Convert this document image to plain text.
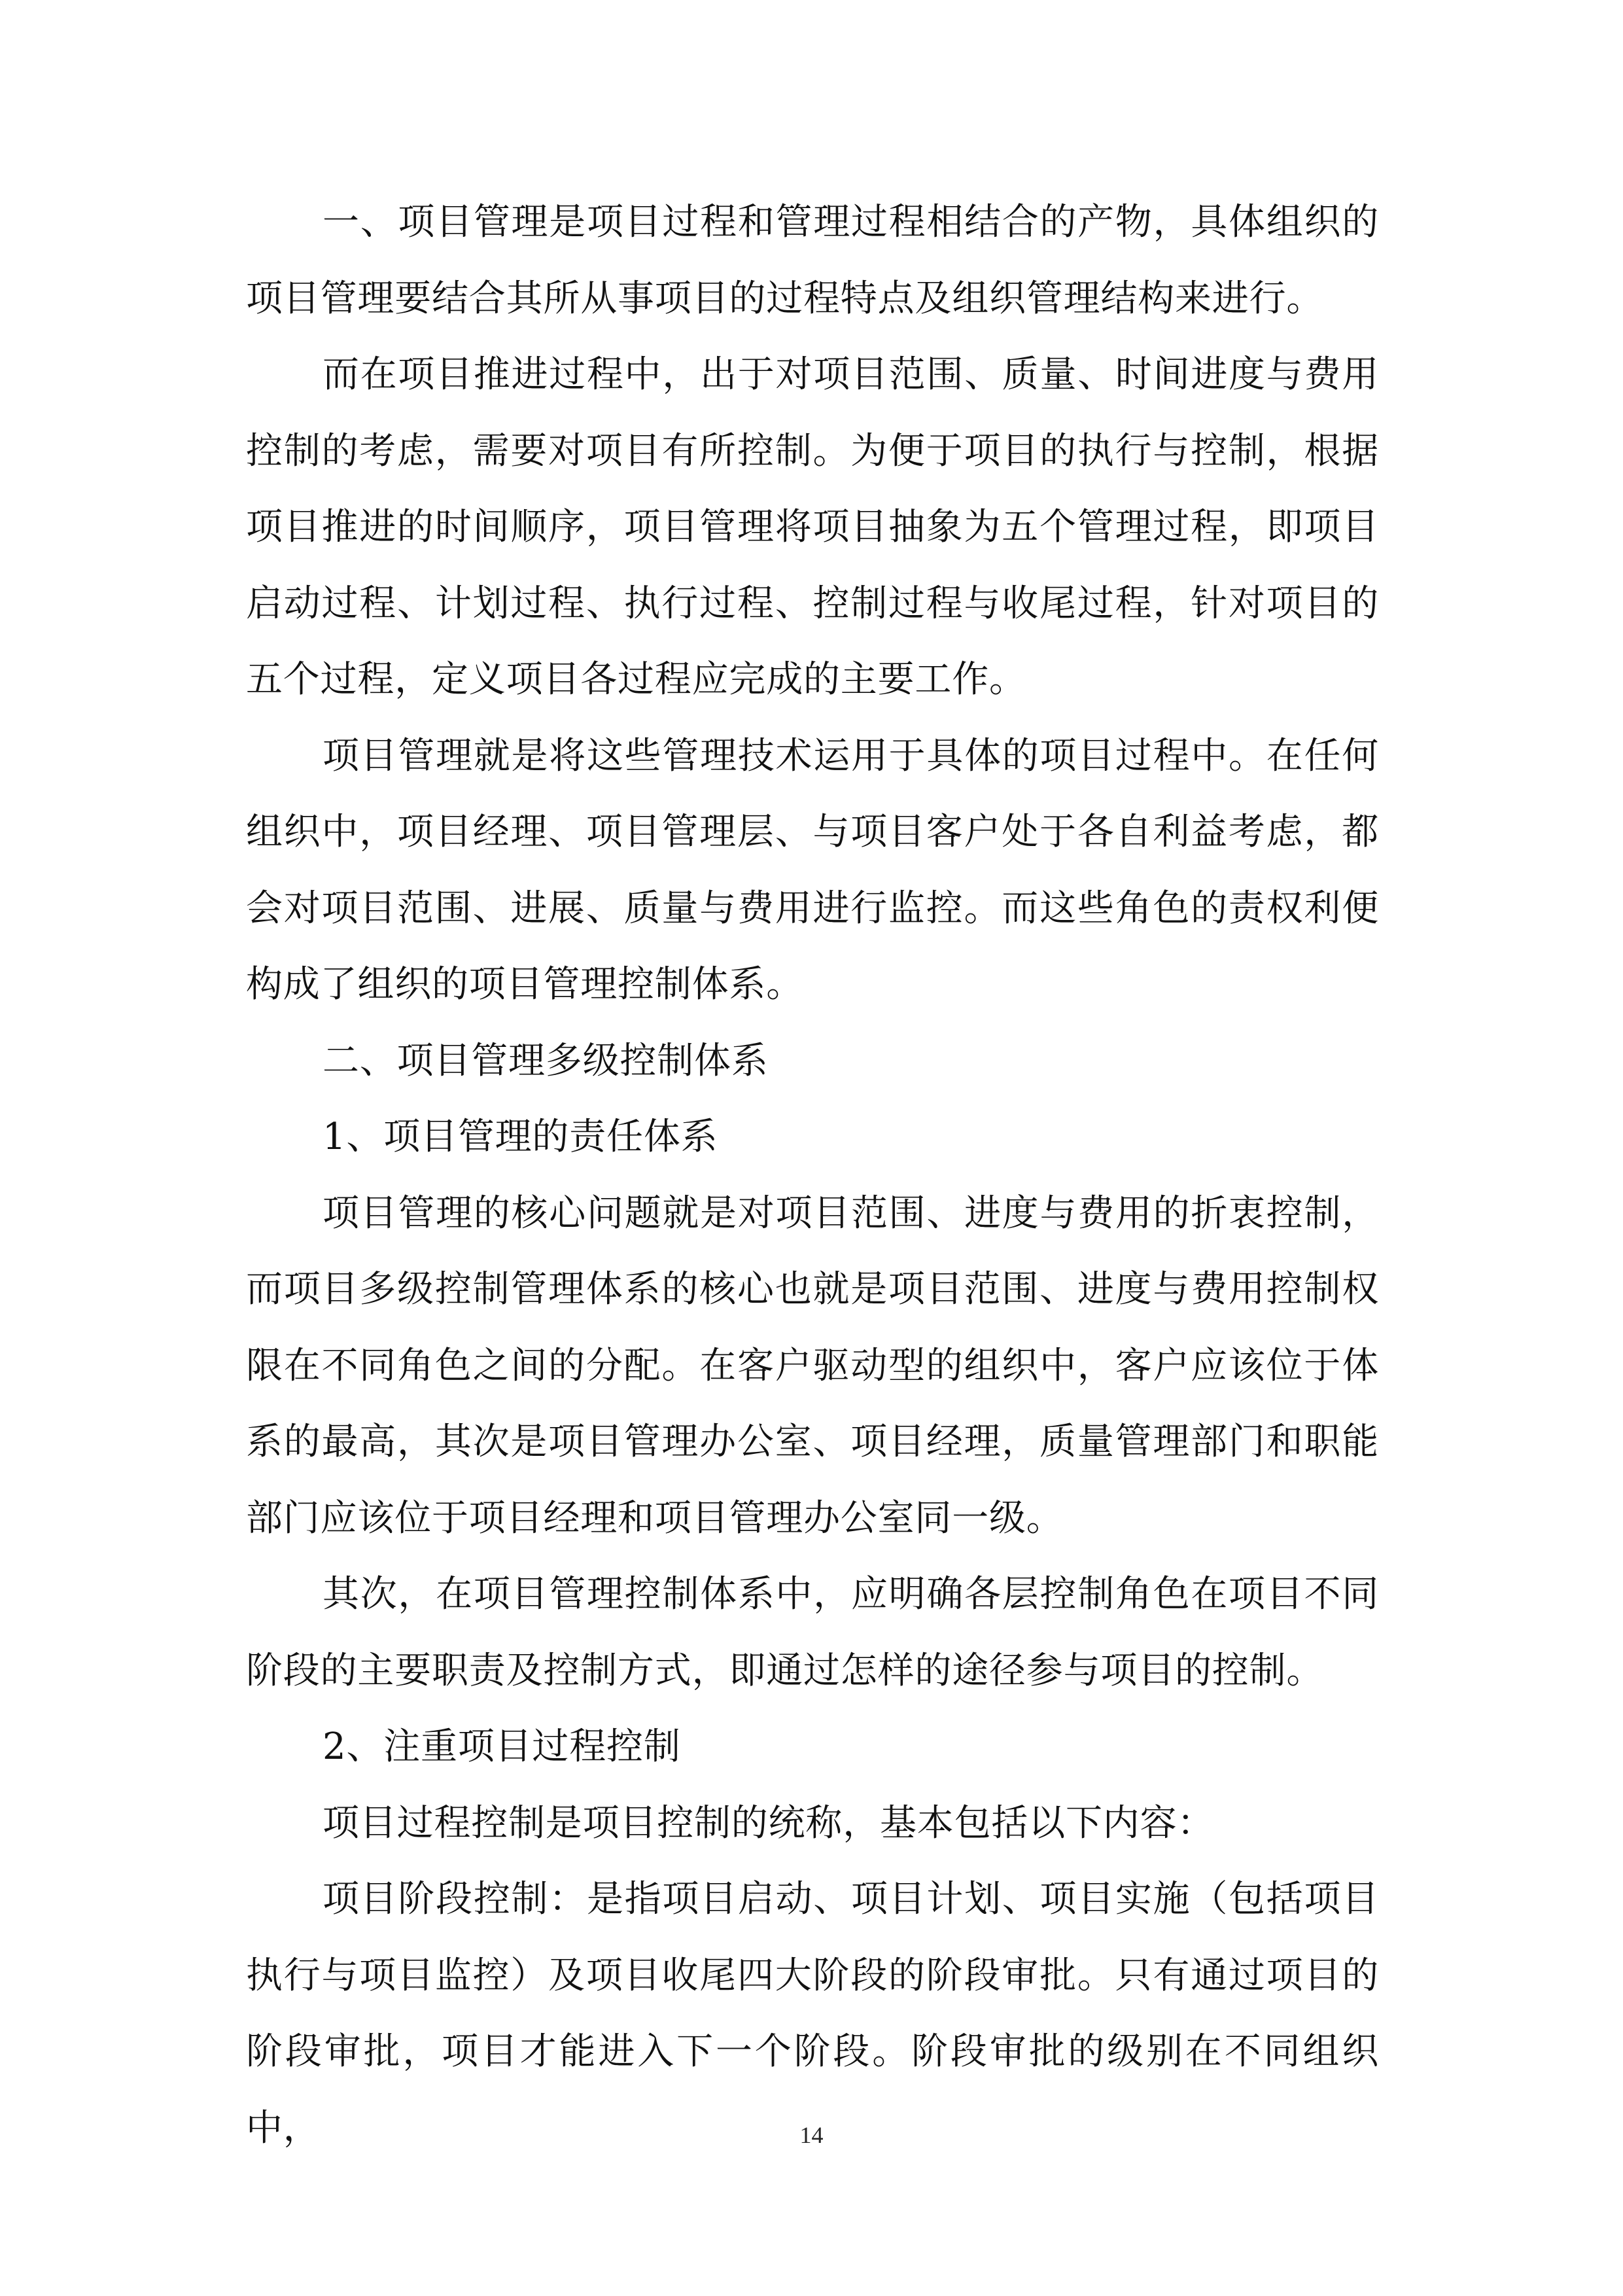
一、项目管理是项目过程和管理过程相结合的产物，具体组织的项目管理要结合其所从事项目的过程特点及组织管理结构来进行。

而在项目推进过程中，出于对项目范围、质量、时间进度与费用控制的考虑，需要对项目有所控制。为便于项目的执行与控制，根据项目推进的时间顺序，项目管理将项目抽象为五个管理过程，即项目启动过程、计划过程、执行过程、控制过程与收尾过程，针对项目的五个过程，定义项目各过程应完成的主要工作。

项目管理就是将这些管理技术运用于具体的项目过程中。在任何组织中，项目经理、项目管理层、与项目客户处于各自利益考虑，都会对项目范围、进展、质量与费用进行监控。而这些角色的责权利便构成了组织的项目管理控制体系。

二、项目管理多级控制体系

1、项目管理的责任体系

项目管理的核心问题就是对项目范围、进度与费用的折衷控制，而项目多级控制管理体系的核心也就是项目范围、进度与费用控制权限在不同角色之间的分配。在客户驱动型的组织中，客户应该位于体系的最高，其次是项目管理办公室、项目经理，质量管理部门和职能部门应该位于项目经理和项目管理办公室同一级。

其次，在项目管理控制体系中，应明确各层控制角色在项目不同阶段的主要职责及控制方式，即通过怎样的途径参与项目的控制。

2、注重项目过程控制

项目过程控制是项目控制的统称，基本包括以下内容：

项目阶段控制：是指项目启动、项目计划、项目实施（包括项目执行与项目监控）及项目收尾四大阶段的阶段审批。只有通过项目的阶段审批，项目才能进入下一个阶段。阶段审批的级别在不同组织中，	14
